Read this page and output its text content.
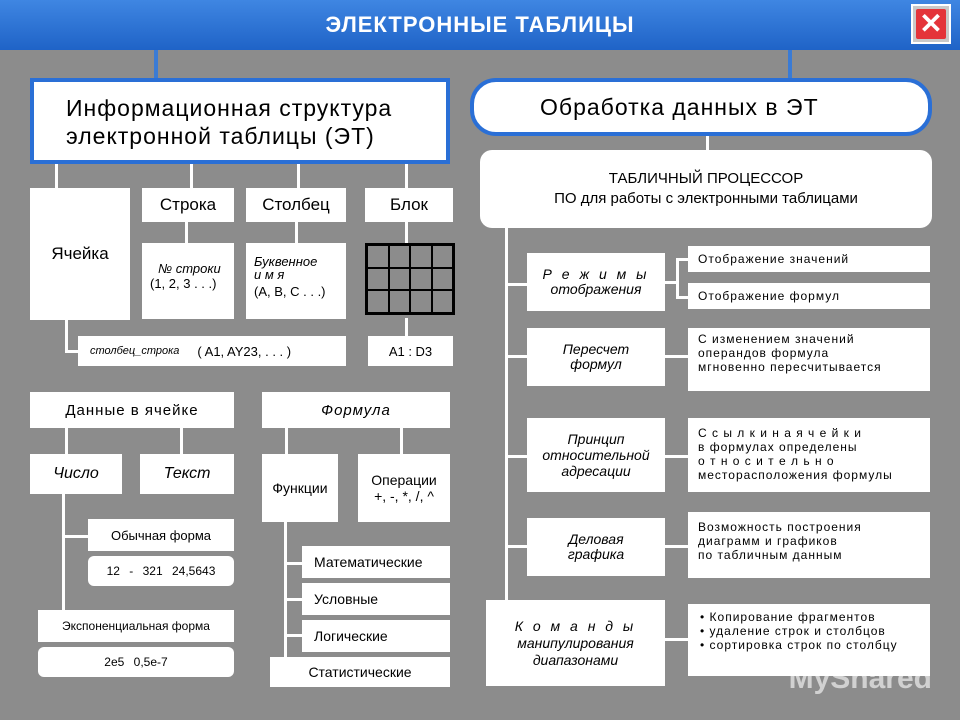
ЭЛЕКТРОННЫЕ ТАБЛИЦЫ	✕
Информационная структура
электронной таблицы (ЭТ)
Ячейка
Строка	Столбец	Блок
№ строки
(1, 2, 3 . . .)
Буквенное
и м я
(A, B, C . . .)
столбец_строка ( A1, AY23, . . . )	A1 : D3
Данные в ячейке	Формула
Число	Текст
Функции	Операции
+, -, *, /, ^
Обычная форма
12 - 321 24,5643
Экспоненциальная форма
2е5 0,5е-7
Математические
Условные
Логические
Статистические
Обработка данных в ЭТ
ТАБЛИЧНЫЙ ПРОЦЕССОР
ПО для работы с электронными таблицами
Р е ж и м ы
отображения
Отображение значений
Отображение формул
Пересчет
формул
С изменением значений
операндов формула
мгновенно пересчитывается
Принцип
относительной
адресации
С с ы л к и н а я ч е й к и
в формулах определены
о т н о с и т е л ь н о
месторасположения формулы
Деловая
графика
Возможность построения
диаграмм и графиков
по табличным данным
К о м а н д ы
манипулирования
диапазонами
• Копирование фрагментов
• удаление строк и столбцов
• сортировка строк по столбцу
MyShared
